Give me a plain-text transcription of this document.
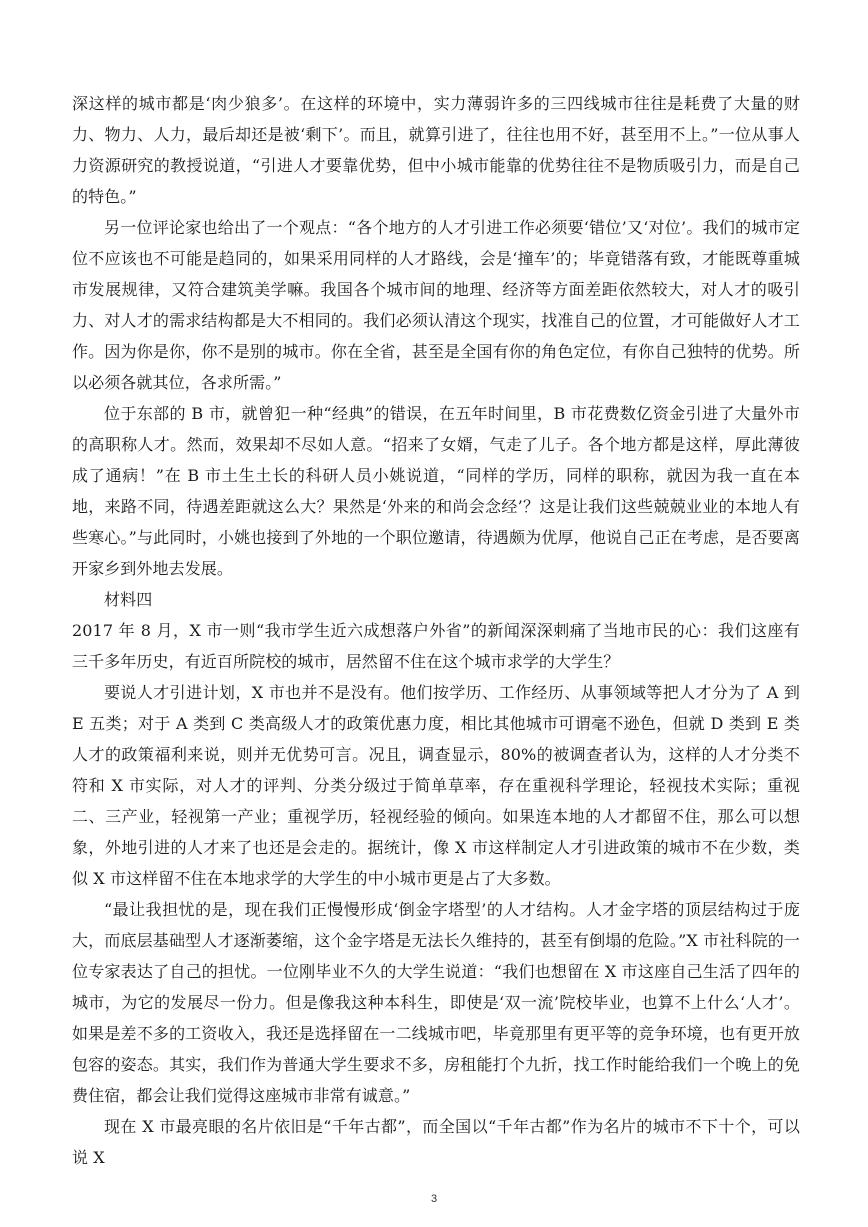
深这样的城市都是‘肉少狼多’。在这样的环境中，实力薄弱许多的三四线城市往往是耗费了大量的财力、物力、人力，最后却还是被‘剩下’。而且，就算引进了，往往也用不好，甚至用不上。”一位从事人力资源研究的教授说道，“引进人才要靠优势，但中小城市能靠的优势往往不是物质吸引力，而是自己的特色。”

另一位评论家也给出了一个观点：“各个地方的人才引进工作必须要‘错位’又‘对位’。我们的城市定位不应该也不可能是趋同的，如果采用同样的人才路线，会是‘撞车’的；毕竟错落有致，才能既尊重城市发展规律，又符合建筑美学嘛。我国各个城市间的地理、经济等方面差距依然较大，对人才的吸引力、对人才的需求结构都是大不相同的。我们必须认清这个现实，找准自己的位置，才可能做好人才工作。因为你是你，你不是别的城市。你在全省，甚至是全国有你的角色定位，有你自己独特的优势。所以必须各就其位，各求所需。”

位于东部的 B 市，就曾犯一种“经典”的错误，在五年时间里，B 市花费数亿资金引进了大量外市的高职称人才。然而，效果却不尽如人意。“招来了女婿，气走了儿子。各个地方都是这样，厚此薄彼成了通病！”在 B 市土生土长的科研人员小姚说道，“同样的学历，同样的职称，就因为我一直在本地，来路不同，待遇差距就这么大？果然是‘外来的和尚会念经’？这是让我们这些兢兢业业的本地人有些寒心。”与此同时，小姚也接到了外地的一个职位邀请，待遇颇为优厚，他说自己正在考虑，是否要离开家乡到外地去发展。

材料四

2017 年 8 月，X 市一则“我市学生近六成想落户外省”的新闻深深刺痛了当地市民的心：我们这座有三千多年历史，有近百所院校的城市，居然留不住在这个城市求学的大学生？

要说人才引进计划，X 市也并不是没有。他们按学历、工作经历、从事领域等把人才分为了 A 到 E 五类；对于 A 类到 C 类高级人才的政策优惠力度，相比其他城市可谓毫不逊色，但就 D 类到 E 类人才的政策福利来说，则并无优势可言。况且，调查显示，80%的被调查者认为，这样的人才分类不符和 X 市实际，对人才的评判、分类分级过于简单草率，存在重视科学理论，轻视技术实际；重视二、三产业，轻视第一产业；重视学历，轻视经验的倾向。如果连本地的人才都留不住，那么可以想象，外地引进的人才来了也还是会走的。据统计，像 X 市这样制定人才引进政策的城市不在少数，类似 X 市这样留不住在本地求学的大学生的中小城市更是占了大多数。

“最让我担忧的是，现在我们正慢慢形成‘倒金字塔型’的人才结构。人才金字塔的顶层结构过于庞大，而底层基础型人才逐渐萎缩，这个金字塔是无法长久维持的，甚至有倒塌的危险。”X 市社科院的一位专家表达了自己的担忧。一位刚毕业不久的大学生说道：“我们也想留在 X 市这座自己生活了四年的城市，为它的发展尽一份力。但是像我这种本科生，即使是‘双一流’院校毕业，也算不上什么‘人才’。如果是差不多的工资收入，我还是选择留在一二线城市吧，毕竟那里有更平等的竞争环境，也有更开放包容的姿态。其实，我们作为普通大学生要求不多，房租能打个九折，找工作时能给我们一个晚上的免费住宿，都会让我们觉得这座城市非常有诚意。”

现在 X 市最亮眼的名片依旧是“千年古都”，而全国以“千年古都”作为名片的城市不下十个，可以说 X

3
